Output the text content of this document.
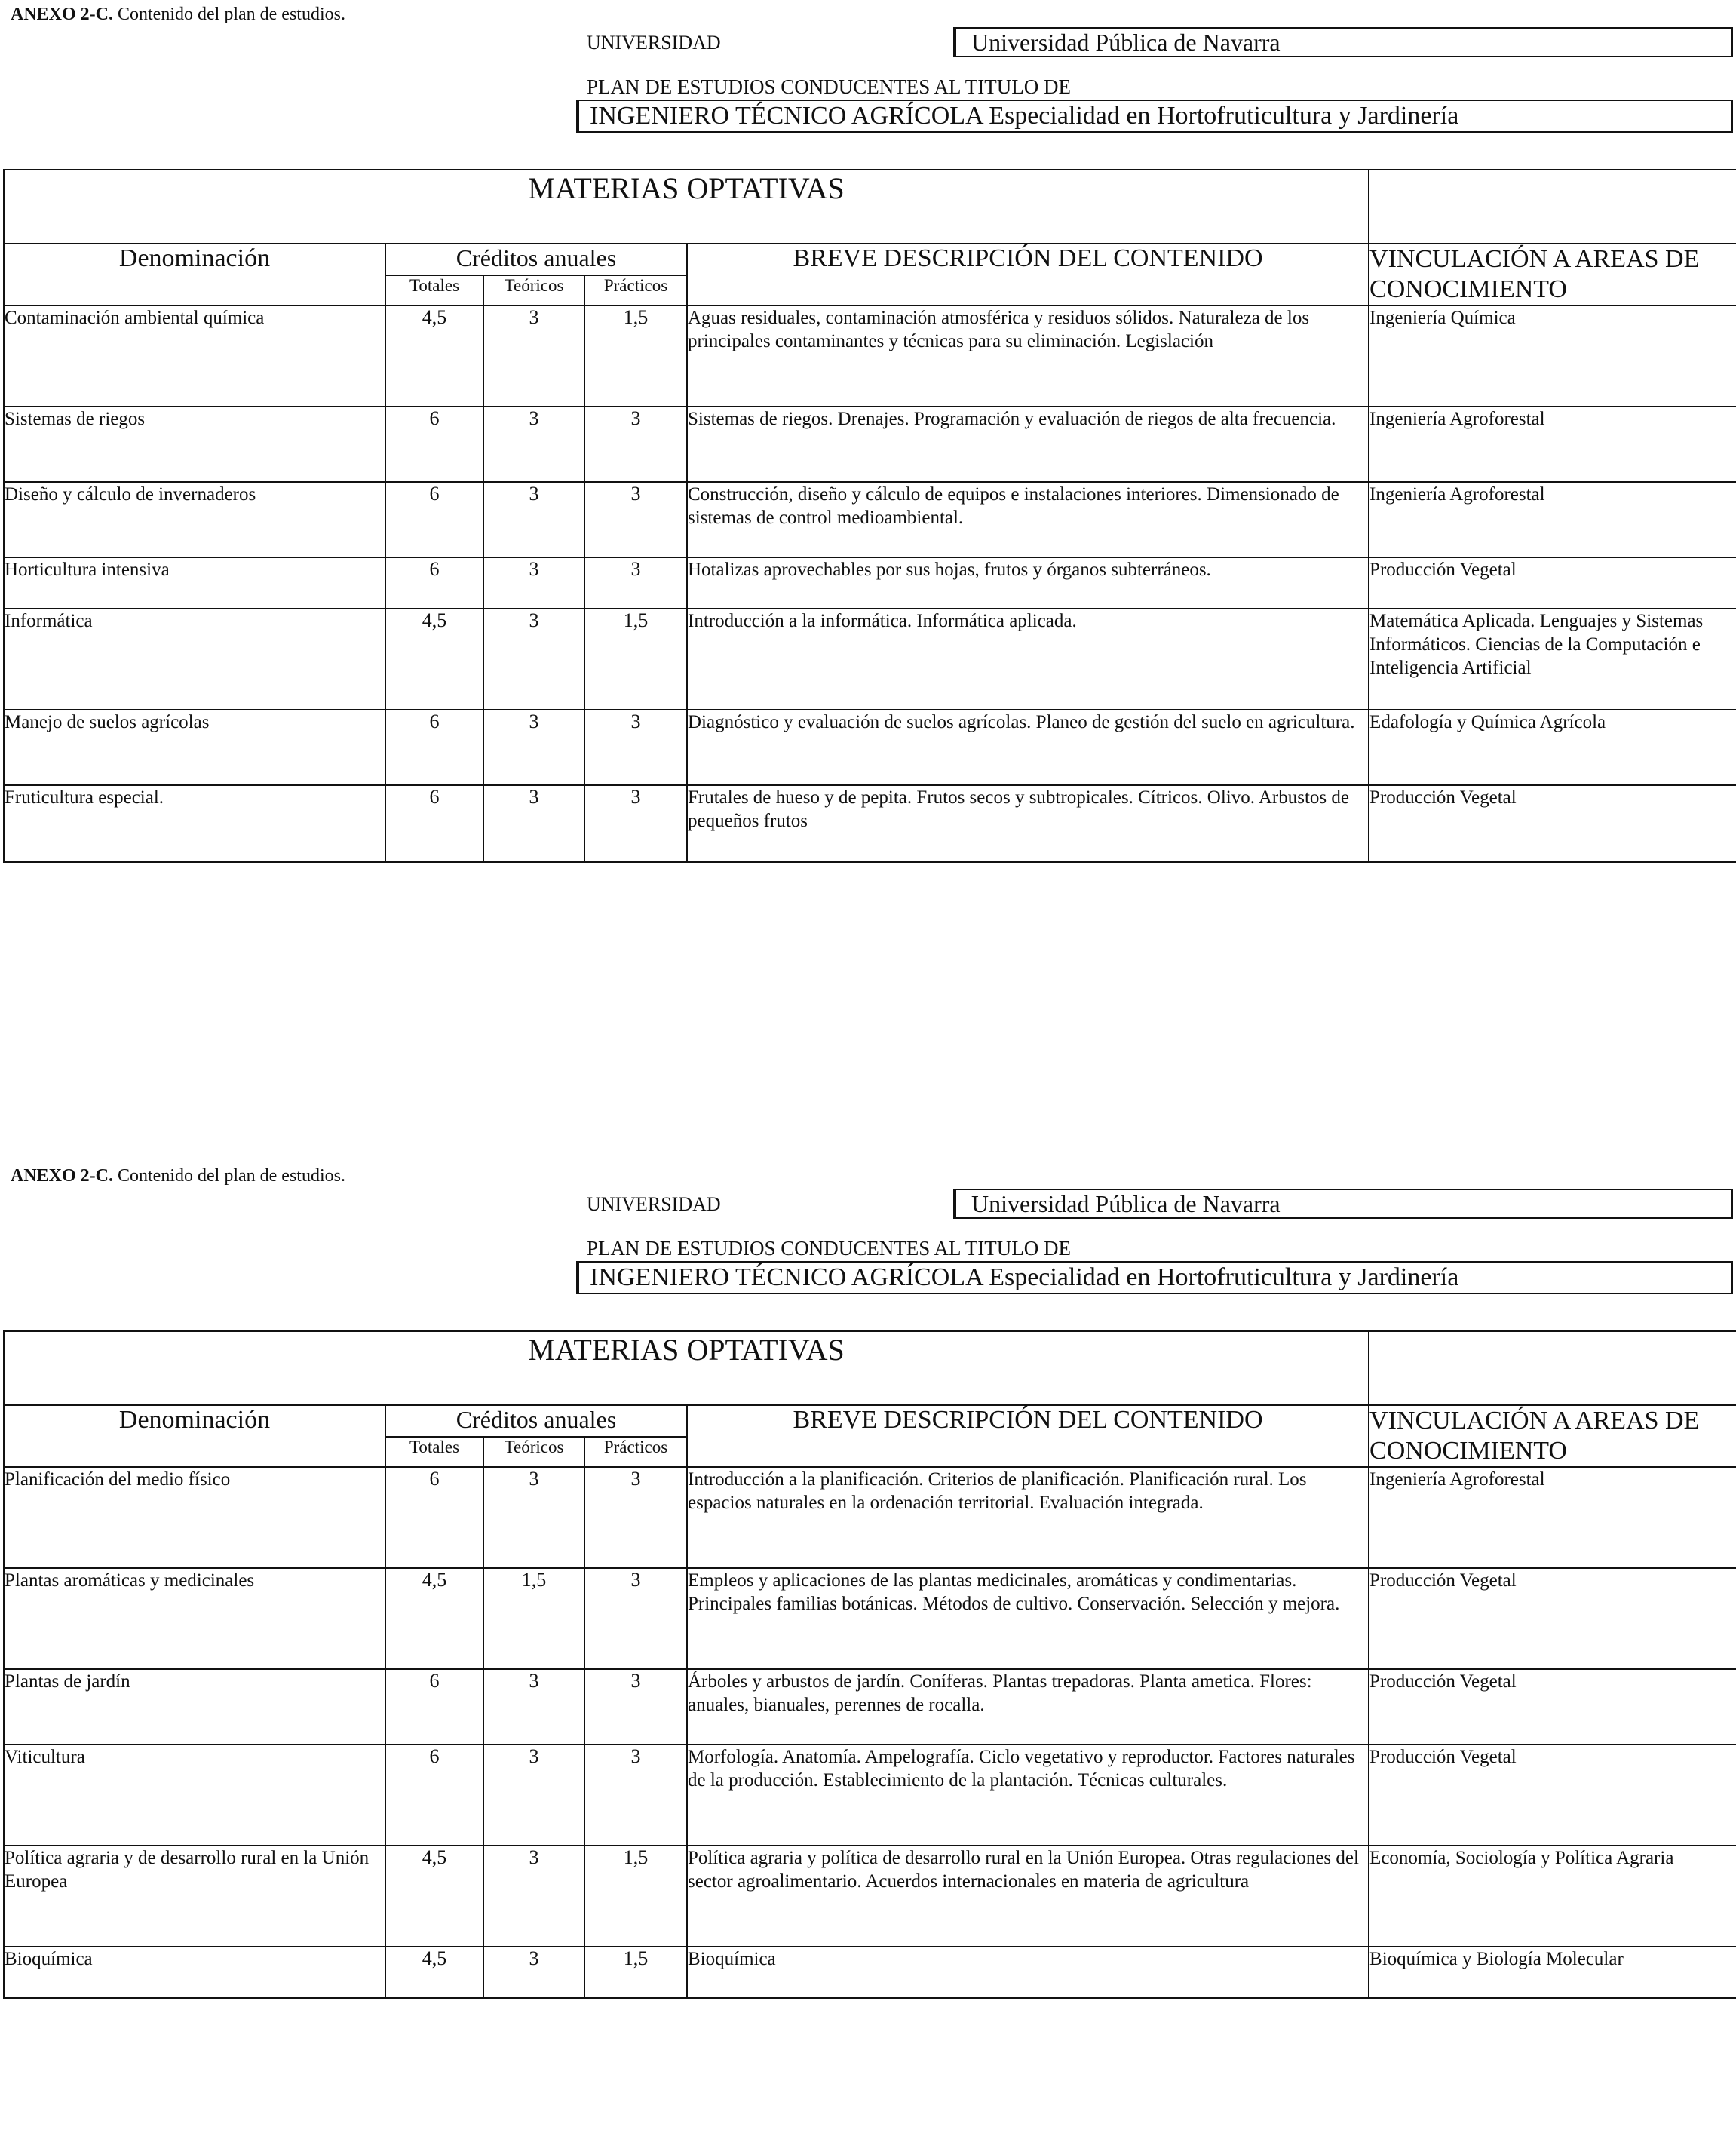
ANEXO 2-C. Contenido del plan de estudios.
UNIVERSIDAD	Universidad Pública de Navarra
PLAN DE ESTUDIOS CONDUCENTES AL TITULO DE
INGENIERO TÉCNICO AGRÍCOLA Especialidad en Hortofruticultura y Jardinería
MATERIAS OPTATIVAS					
Denominación	Créditos anuales			BREVE DESCRIPCIÓN DEL CONTENIDO	VINCULACIÓN A AREAS DE CONOCIMIENTO
	Totales	Teóricos	Prácticos		
Contaminación ambiental química	4,5	3	1,5	Aguas residuales, contaminación atmosférica y residuos sólidos. Naturaleza de los principales contaminantes y técnicas para su eliminación. Legislación	Ingeniería Química
Sistemas de riegos	6	3	3	Sistemas de riegos. Drenajes. Programación y evaluación de riegos de alta frecuencia.	Ingeniería Agroforestal
Diseño y cálculo de invernaderos	6	3	3	Construcción, diseño y cálculo de equipos e instalaciones interiores. Dimensionado de sistemas de control medioambiental.	Ingeniería Agroforestal
Horticultura intensiva	6	3	3	Hotalizas aprovechables por sus hojas, frutos y órganos subterráneos.	Producción Vegetal
Informática	4,5	3	1,5	Introducción a la informática. Informática aplicada.	Matemática Aplicada. Lenguajes y Sistemas Informáticos. Ciencias de la Computación e Inteligencia Artificial
Manejo de suelos agrícolas	6	3	3	Diagnóstico y evaluación de suelos agrícolas. Planeo de gestión del suelo en agricultura.	Edafología y Química Agrícola
Fruticultura especial.	6	3	3	Frutales de hueso y de pepita. Frutos secos y subtropicales. Cítricos. Olivo. Arbustos de pequeños frutos	Producción Vegetal
ANEXO 2-C. Contenido del plan de estudios.
UNIVERSIDAD	Universidad Pública de Navarra
PLAN DE ESTUDIOS CONDUCENTES AL TITULO DE
INGENIERO TÉCNICO AGRÍCOLA Especialidad en Hortofruticultura y Jardinería
MATERIAS OPTATIVAS					
Denominación	Créditos anuales			BREVE DESCRIPCIÓN DEL CONTENIDO	VINCULACIÓN A AREAS DE CONOCIMIENTO
	Totales	Teóricos	Prácticos		
Planificación del medio físico	6	3	3	Introducción a la planificación. Criterios de planificación. Planificación rural. Los espacios naturales en la ordenación territorial. Evaluación integrada.	Ingeniería Agroforestal
Plantas aromáticas y medicinales	4,5	1,5	3	Empleos y aplicaciones de las plantas medicinales, aromáticas y condimentarias. Principales familias botánicas. Métodos de cultivo. Conservación. Selección y mejora.	Producción Vegetal
Plantas de jardín	6	3	3	Árboles y arbustos de jardín. Coníferas. Plantas trepadoras. Planta ametica. Flores: anuales, bianuales, perennes de rocalla.	Producción Vegetal
Viticultura	6	3	3	Morfología. Anatomía. Ampelografía. Ciclo vegetativo y reproductor. Factores naturales de la producción. Establecimiento de la plantación. Técnicas culturales.	Producción Vegetal
Política agraria y de desarrollo rural en la Unión Europea	4,5	3	1,5	Política agraria y política de desarrollo rural en la Unión Europea. Otras regulaciones del sector agroalimentario. Acuerdos internacionales en materia de agricultura	Economía, Sociología y Política Agraria
Bioquímica	4,5	3	1,5	Bioquímica	Bioquímica y Biología Molecular
